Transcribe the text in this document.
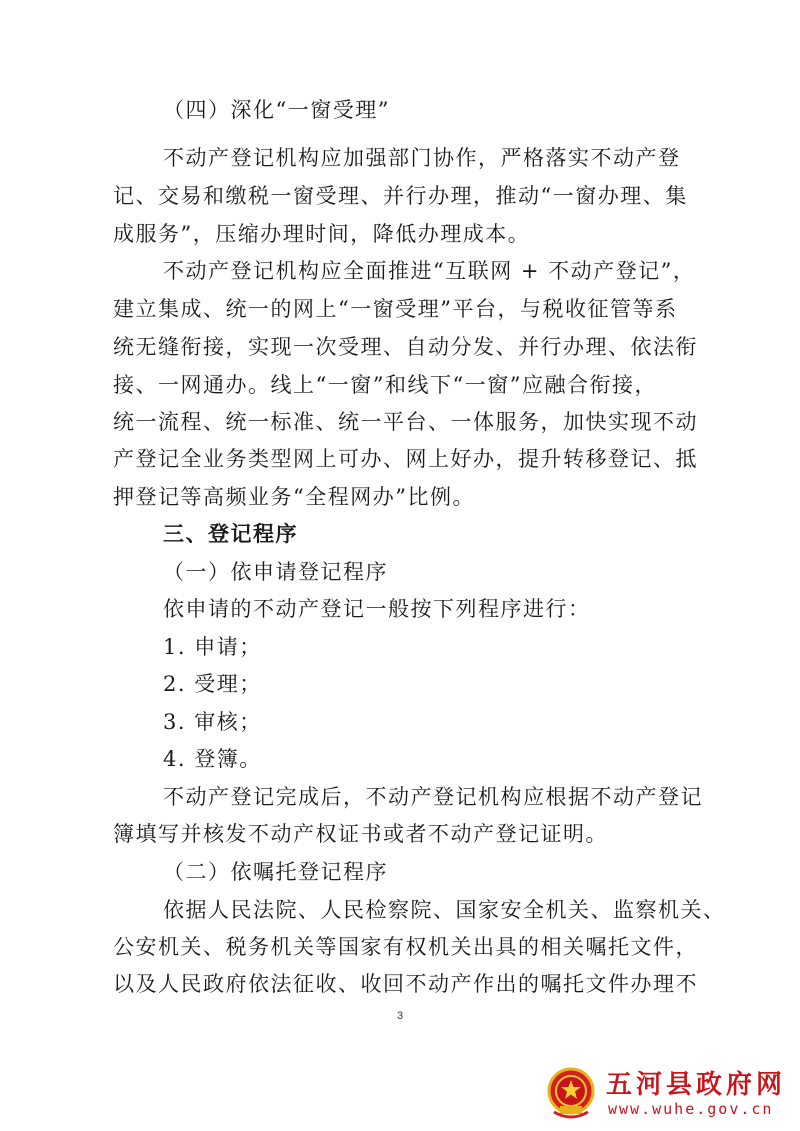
（四）深化“一窗受理”
不动产登记机构应加强部门协作，严格落实不动产登
记、交易和缴税一窗受理、并行办理，推动“一窗办理、集
成服务”，压缩办理时间，降低办理成本。
不动产登记机构应全面推进“互联网 + 不动产登记”，
建立集成、统一的网上“一窗受理”平台，与税收征管等系
统无缝衔接，实现一次受理、自动分发、并行办理、依法衔
接、一网通办。线上“一窗”和线下“一窗”应融合衔接，
统一流程、统一标准、统一平台、一体服务，加快实现不动
产登记全业务类型网上可办、网上好办，提升转移登记、抵
押登记等高频业务“全程网办”比例。
三、登记程序
（一）依申请登记程序
依申请的不动产登记一般按下列程序进行：
1. 申请；
2. 受理；
3. 审核；
4. 登簿。
不动产登记完成后，不动产登记机构应根据不动产登记
簿填写并核发不动产权证书或者不动产登记证明。
（二）依嘱托登记程序
依据人民法院、人民检察院、国家安全机关、监察机关、
公安机关、税务机关等国家有权机关出具的相关嘱托文件，
以及人民政府依法征收、收回不动产作出的嘱托文件办理不
3
五河县政府网
www.wuhe.gov.cn
